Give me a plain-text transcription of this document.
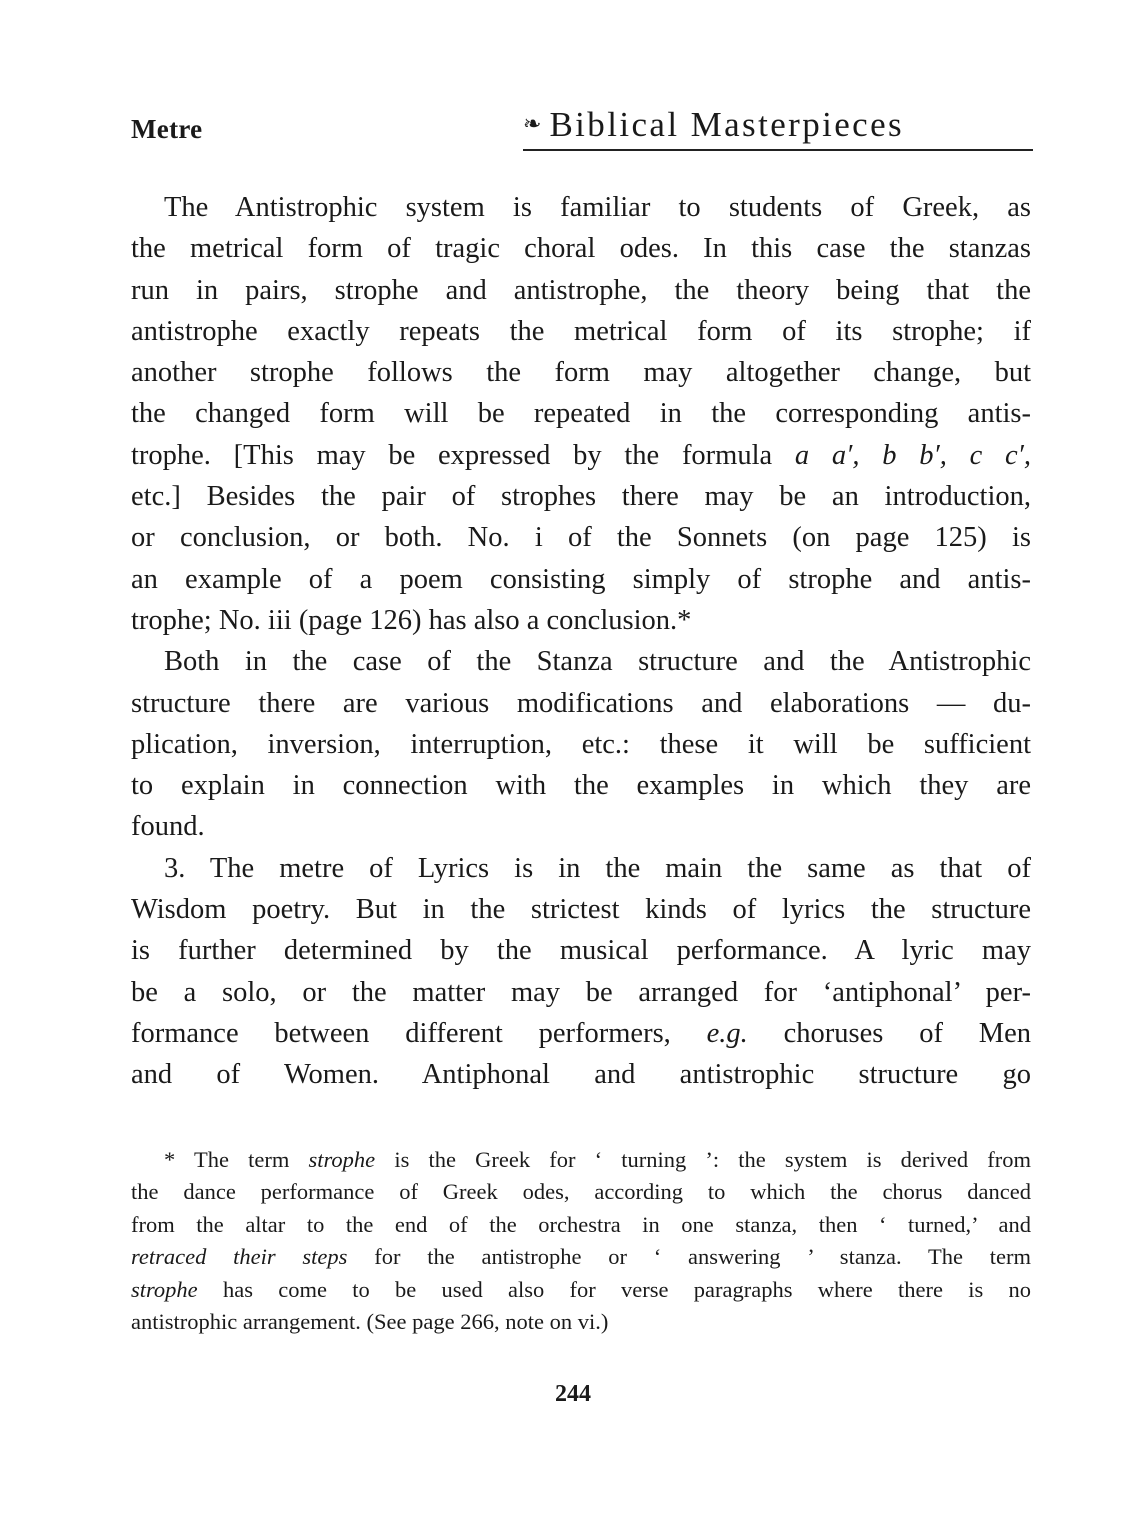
Metre	❧ Biblical Masterpieces
The Antistrophic system is familiar to students of Greek, as
the metrical form of tragic choral odes. In this case the stanzas
run in pairs, strophe and antistrophe, the theory being that the
antistrophe exactly repeats the metrical form of its strophe; if
another strophe follows the form may altogether change, but
the changed form will be repeated in the corresponding antis-
trophe. [This may be expressed by the formula a a′, b b′, c c′,
etc.] Besides the pair of strophes there may be an introduction,
or conclusion, or both. No. i of the Sonnets (on page 125) is
an example of a poem consisting simply of strophe and antis-
trophe; No. iii (page 126) has also a conclusion.*
Both in the case of the Stanza structure and the Antistrophic
structure there are various modifications and elaborations — du-
plication, inversion, interruption, etc.: these it will be sufficient
to explain in connection with the examples in which they are
found.
3. The metre of Lyrics is in the main the same as that of
Wisdom poetry. But in the strictest kinds of lyrics the structure
is further determined by the musical performance. A lyric may
be a solo, or the matter may be arranged for ‘antiphonal’ per-
formance between different performers, e.g. choruses of Men
and of Women. Antiphonal and antistrophic structure go
* The term strophe is the Greek for ‘ turning ’: the system is derived from
the dance performance of Greek odes, according to which the chorus danced
from the altar to the end of the orchestra in one stanza, then ‘ turned,’ and
retraced their steps for the antistrophe or ‘ answering ’ stanza. The term
strophe has come to be used also for verse paragraphs where there is no
antistrophic arrangement. (See page 266, note on vi.)
244
